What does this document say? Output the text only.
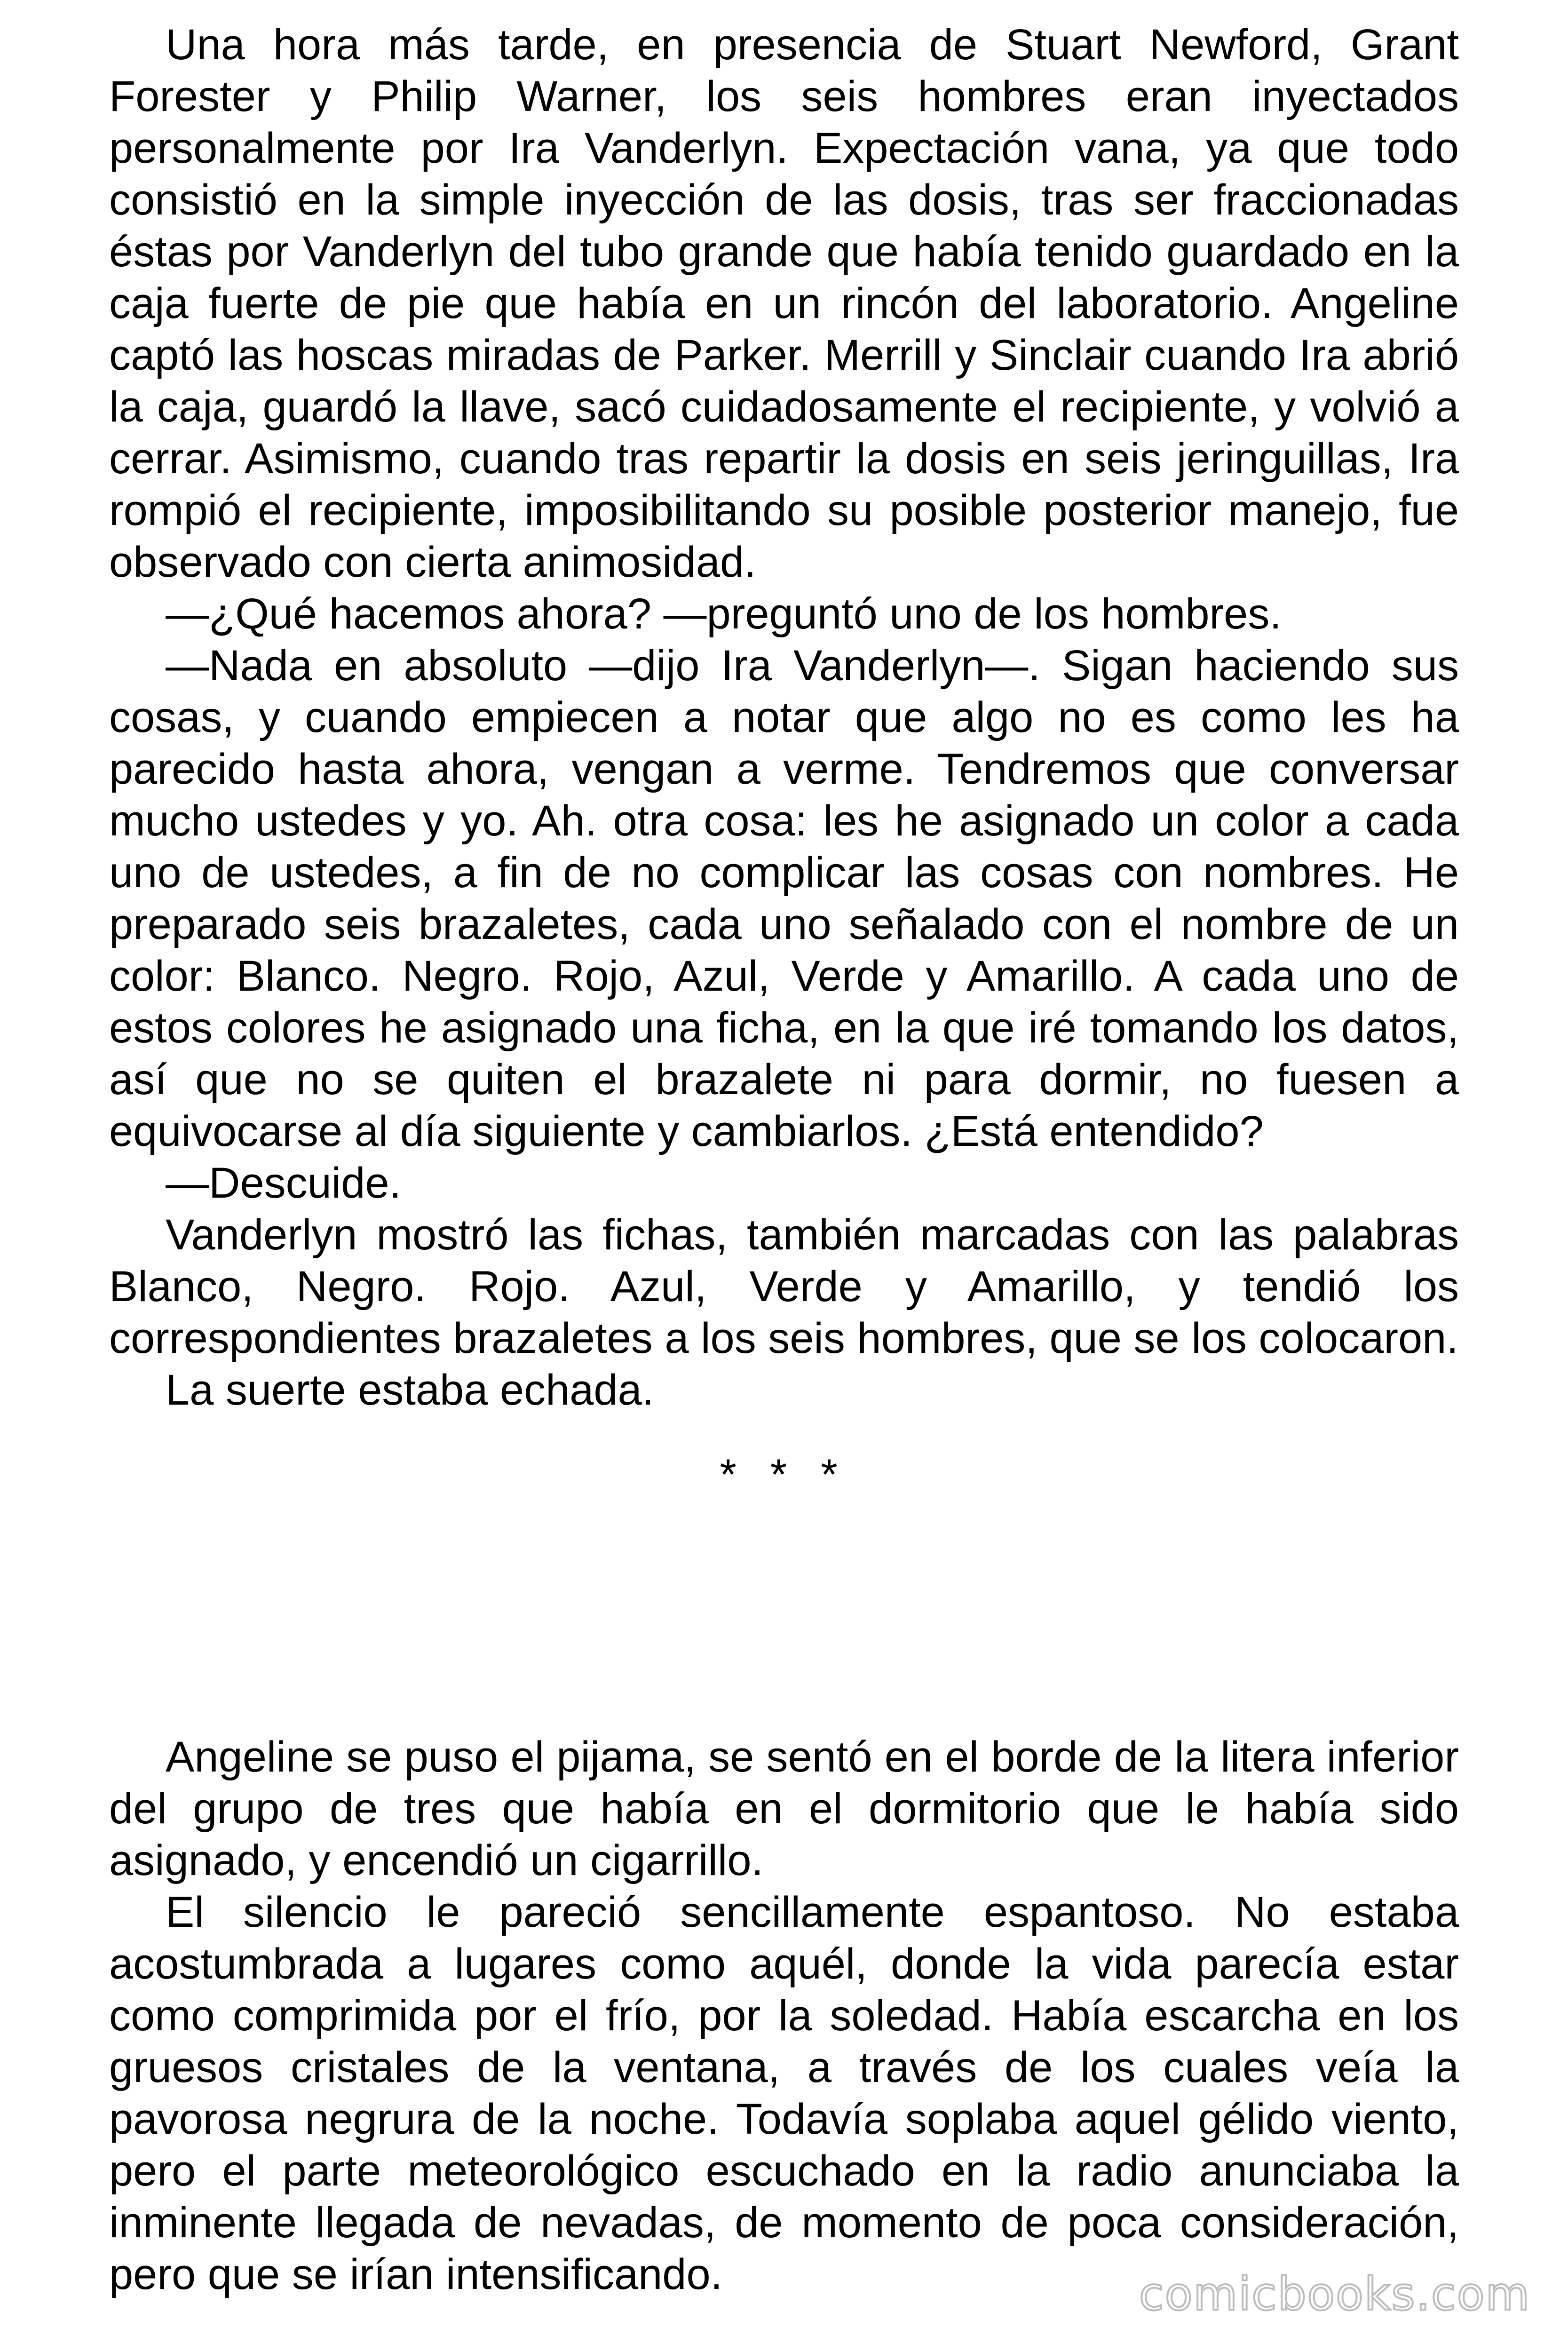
Una hora más tarde, en presencia de Stuart Newford, Grant Forester y Philip Warner, los seis hombres eran inyectados personalmente por Ira Vanderlyn. Expectación vana, ya que todo consistió en la simple inyección de las dosis, tras ser fraccionadas éstas por Vanderlyn del tubo grande que había tenido guardado en la caja fuerte de pie que había en un rincón del laboratorio. Angeline captó las hoscas miradas de Parker. Merrill y Sinclair cuando Ira abrió la caja, guardó la llave, sacó cuidadosamente el recipiente, y volvió a cerrar. Asimismo, cuando tras repartir la dosis en seis jeringuillas, Ira rompió el recipiente, imposibilitando su posible posterior manejo, fue observado con cierta animosidad.

—¿Qué hacemos ahora? —preguntó uno de los hombres.

—Nada en absoluto —dijo Ira Vanderlyn—. Sigan haciendo sus cosas, y cuando empiecen a notar que algo no es como les ha parecido hasta ahora, vengan a verme. Tendremos que conversar mucho ustedes y yo. Ah. otra cosa: les he asignado un color a cada uno de ustedes, a fin de no complicar las cosas con nombres. He preparado seis brazaletes, cada uno señalado con el nombre de un color: Blanco. Negro. Rojo, Azul, Verde y Amarillo. A cada uno de estos colores he asignado una ficha, en la que iré tomando los datos, así que no se quiten el brazalete ni para dormir, no fuesen a equivocarse al día siguiente y cambiarlos. ¿Está entendido?

—Descuide.

Vanderlyn mostró las fichas, también marcadas con las palabras Blanco, Negro. Rojo. Azul, Verde y Amarillo, y tendió los correspondientes brazaletes a los seis hombres, que se los colocaron.

La suerte estaba echada.

* * *

Angeline se puso el pijama, se sentó en el borde de la litera inferior del grupo de tres que había en el dormitorio que le había sido asignado, y encendió un cigarrillo.

El silencio le pareció sencillamente espantoso. No estaba acostumbrada a lugares como aquél, donde la vida parecía estar como comprimida por el frío, por la soledad. Había escarcha en los gruesos cristales de la ventana, a través de los cuales veía la pavorosa negrura de la noche. Todavía soplaba aquel gélido viento, pero el parte meteorológico escuchado en la radio anunciaba la inminente llegada de nevadas, de momento de poca consideración, pero que se irían intensificando.	comicbooks.com
